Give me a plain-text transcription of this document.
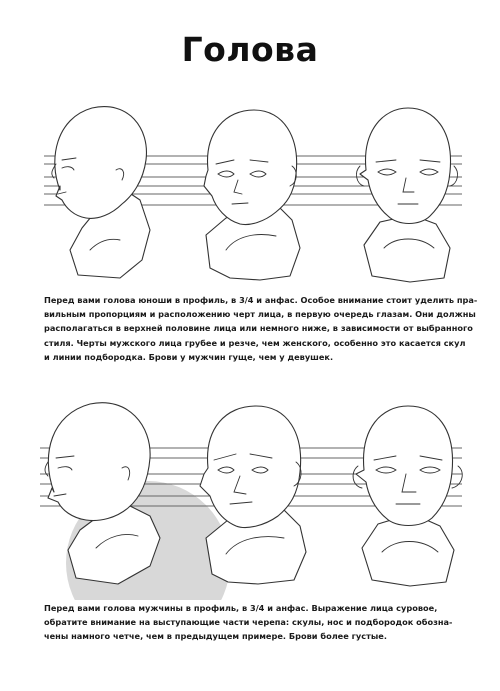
Голова
Перед вами голова юноши в профиль, в 3/4 и анфас. Особое внимание стоит уделить пра-
вильным пропорциям и расположению черт лица, в первую очередь глазам. Они должны
располагаться в верхней половине лица или немного ниже, в зависимости от выбранного
стиля. Черты мужского лица грубее и резче, чем женского, особенно это касается скул
и линии подбородка. Брови у мужчин гуще, чем у девушек.
Перед вами голова мужчины в профиль, в 3/4 и анфас. Выражение лица суровое,
обратите внимание на выступающие части черепа: скулы, нос и подбородок обозна-
чены намного четче, чем в предыдущем примере. Брови более густые.
